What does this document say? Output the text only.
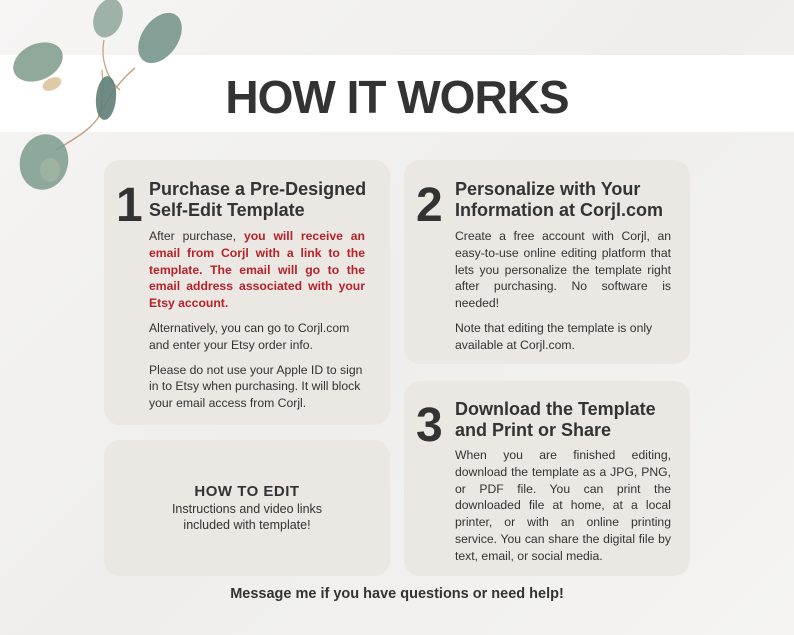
HOW IT WORKS
1 Purchase a Pre-Designed
Self-Edit Template

After purchase, you will receive an email from Corjl with a link to the template. The email will go to the email address associated with your Etsy account.

Alternatively, you can go to Corjl.com and enter your Etsy order info.

Please do not use your Apple ID to sign in to Etsy when purchasing. It will block your email access from Corjl.

2 Personalize with Your
Information at Corjl.com

Create a free account with Corjl, an easy-to-use online editing platform that lets you personalize the template right after purchasing. No software is needed!

Note that editing the template is only available at Corjl.com.

3 Download the Template
and Print or Share

When you are finished editing, download the template as a JPG, PNG, or PDF file. You can print the downloaded file at home, at a local printer, or with an online printing service. You can share the digital file by text, email, or social media.

HOW TO EDIT

Instructions and video links
included with template!

Message me if you have questions or need help!
